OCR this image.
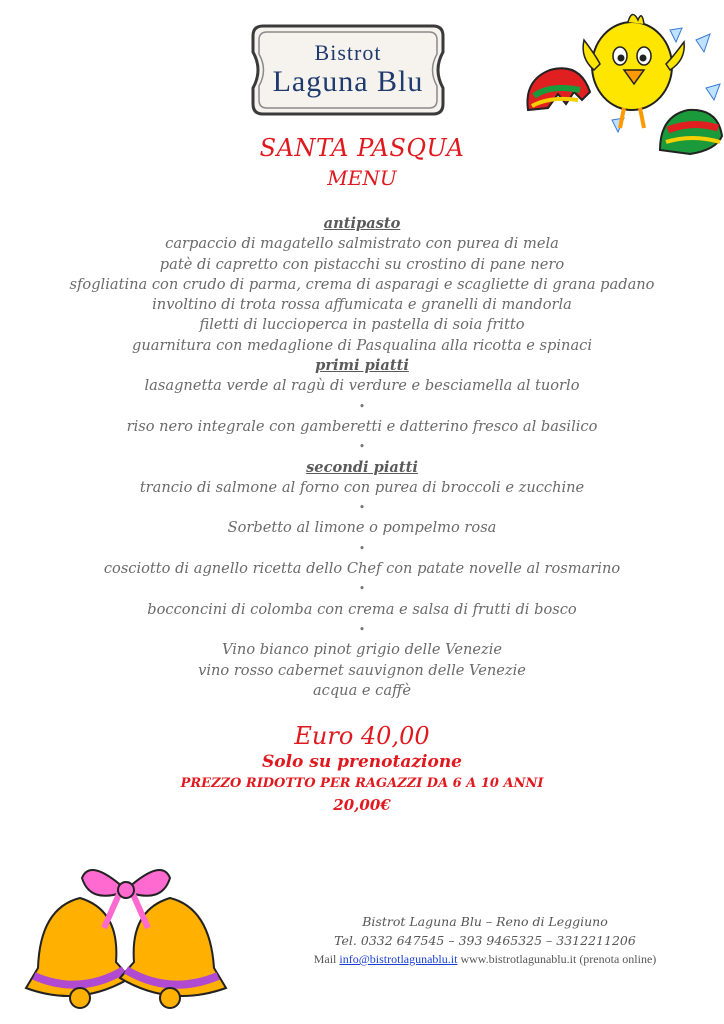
Bistrot
Laguna Blu
SANTA PASQUA
MENU
antipasto
carpaccio di magatello salmistrato con purea di mela
patè di capretto con pistacchi su crostino di pane nero
sfogliatina con crudo di parma, crema di asparagi e scagliette di grana padano
involtino di trota rossa affumicata e granelli di mandorla
filetti di luccioperca in pastella di soia fritto
guarnitura con medaglione di Pasqualina alla ricotta e spinaci
primi piatti
lasagnetta verde al ragù di verdure e besciamella al tuorlo
•
riso nero integrale con gamberetti e datterino fresco al basilico
•
secondi piatti
trancio di salmone al forno con purea di broccoli e zucchine
•
Sorbetto al limone o pompelmo rosa
•
cosciotto di agnello ricetta dello Chef con patate novelle al rosmarino
•
bocconcini di colomba con crema e salsa di frutti di bosco
•
Vino bianco pinot grigio delle Venezie
vino rosso cabernet sauvignon delle Venezie
acqua e caffè
Euro 40,00
Solo su prenotazione
PREZZO RIDOTTO PER RAGAZZI DA 6 A 10 ANNI
20,00€
Bistrot Laguna Blu – Reno di Leggiuno
Tel. 0332 647545 – 393 9465325 – 3312211206
Mail info@bistrotlagunablu.it www.bistrotlagunablu.it (prenota online)
